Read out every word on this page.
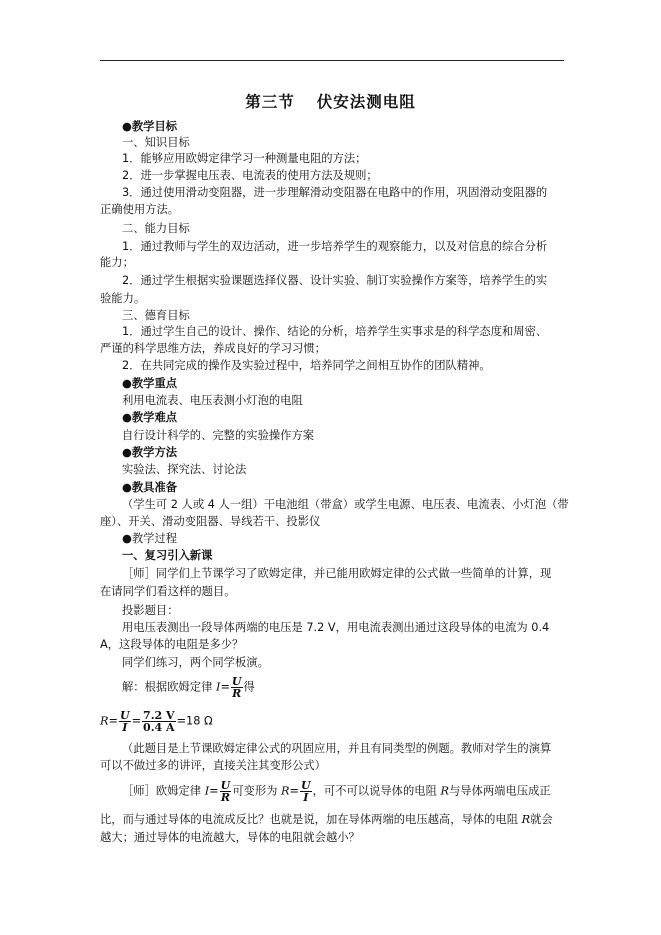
第三节 伏安法测电阻
●教学目标
一、知识目标
1．能够应用欧姆定律学习一种测量电阻的方法；
2．进一步掌握电压表、电流表的使用方法及规则；
3．通过使用滑动变阻器，进一步理解滑动变阻器在电路中的作用，巩固滑动变阻器的
正确使用方法。
二、能力目标
1．通过教师与学生的双边活动，进一步培养学生的观察能力，以及对信息的综合分析
能力；
2．通过学生根据实验课题选择仪器、设计实验、制订实验操作方案等，培养学生的实
验能力。
三、德育目标
1．通过学生自己的设计、操作、结论的分析，培养学生实事求是的科学态度和周密、
严谨的科学思维方法，养成良好的学习习惯；
2．在共同完成的操作及实验过程中，培养同学之间相互协作的团队精神。
●教学重点
利用电流表、电压表测小灯泡的电阻
●教学难点
自行设计科学的、完整的实验操作方案
●教学方法
实验法、探究法、讨论法
●教具准备
（学生可 2 人或 4 人一组）干电池组（带盒）或学生电源、电压表、电流表、小灯泡（带
座）、开关、滑动变阻器、导线若干、投影仪
●教学过程
一、复习引入新课
［师］同学们上节课学习了欧姆定律，并已能用欧姆定律的公式做一些简单的计算，现
在请同学们看这样的题目。
投影题目：
用电压表测出一段导体两端的电压是 7.2 V，用电流表测出通过这段导体的电流为 0.4
A，这段导体的电阻是多少？
同学们练习，两个同学板演。
解：根据欧姆定律 $I= \frac{U}{R}$ 得
$R= \frac{U}{I} = \frac{7.2 V}{0.4 A} =18$ Ω
（此题目是上节课欧姆定律公式的巩固应用，并且有同类型的例题。教师对学生的演算
可以不做过多的讲评，直接关注其变形公式）
［师］欧姆定律 $I= \frac{U}{R}$ 可变形为 $R= \frac{U}{I}$ ，可不可以说导体的电阻 R与导体两端电压成正
比，而与通过导体的电流成反比？也就是说，加在导体两端的电压越高，导体的电阻 R就会
越大；通过导体的电流越大，导体的电阻就会越小？
